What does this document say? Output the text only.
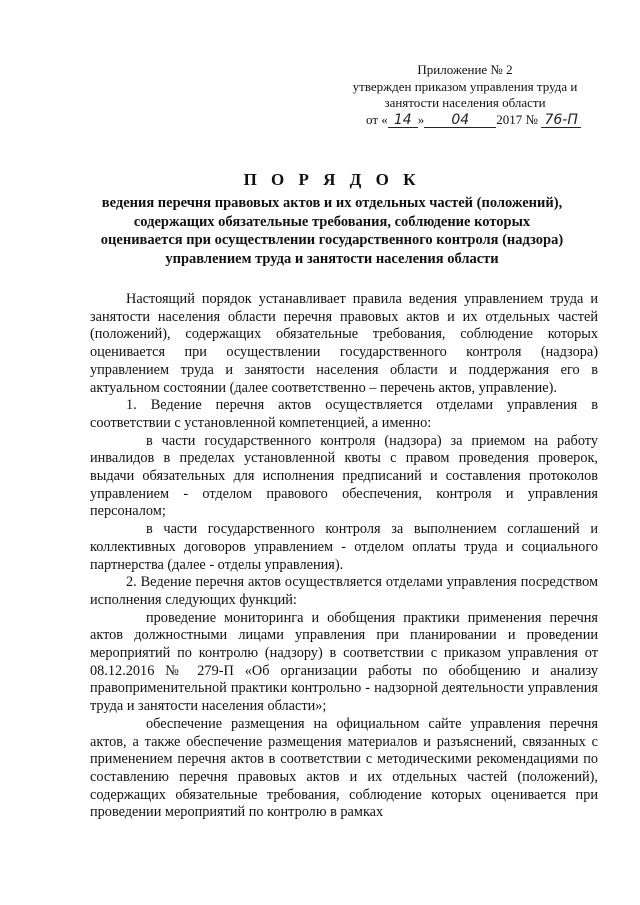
Приложение № 2
утвержден приказом управления труда и
занятости населения области
от « 14 » 04 2017 № 76-П
П О Р Я Д О К
ведения перечня правовых актов и их отдельных частей (положений),
содержащих обязательные требования, соблюдение которых
оценивается при осуществлении государственного контроля (надзора)
управлением труда и занятости населения области

Настоящий порядок устанавливает правила ведения управлением труда и занятости населения области перечня правовых актов и их отдельных частей (положений), содержащих обязательные требования, соблюдение которых оценивается при осуществлении государственного контроля (надзора) управлением труда и занятости населения области и поддержания его в актуальном состоянии (далее соответственно – перечень актов, управление).

1. Ведение перечня актов осуществляется отделами управления в соответствии с установленной компетенцией, а именно:

в части государственного контроля (надзора) за приемом на работу инвалидов в пределах установленной квоты с правом проведения проверок, выдачи обязательных для исполнения предписаний и составления протоколов управлением - отделом правового обеспечения, контроля и управления персоналом;

в части государственного контроля за выполнением соглашений и коллективных договоров управлением - отделом оплаты труда и социального партнерства (далее - отделы управления).

2. Ведение перечня актов осуществляется отделами управления посредством исполнения следующих функций:

проведение мониторинга и обобщения практики применения перечня актов должностными лицами управления при планировании и проведении мероприятий по контролю (надзору) в соответствии с приказом управления от 08.12.2016 № 279-П «Об организации работы по обобщению и анализу правоприменительной практики контрольно - надзорной деятельности управления труда и занятости населения области»;

обеспечение размещения на официальном сайте управления перечня актов, а также обеспечение размещения материалов и разъяснений, связанных с применением перечня актов в соответствии с методическими рекомендациями по составлению перечня правовых актов и их отдельных частей (положений), содержащих обязательные требования, соблюдение которых оценивается при проведении мероприятий по контролю в рамках
